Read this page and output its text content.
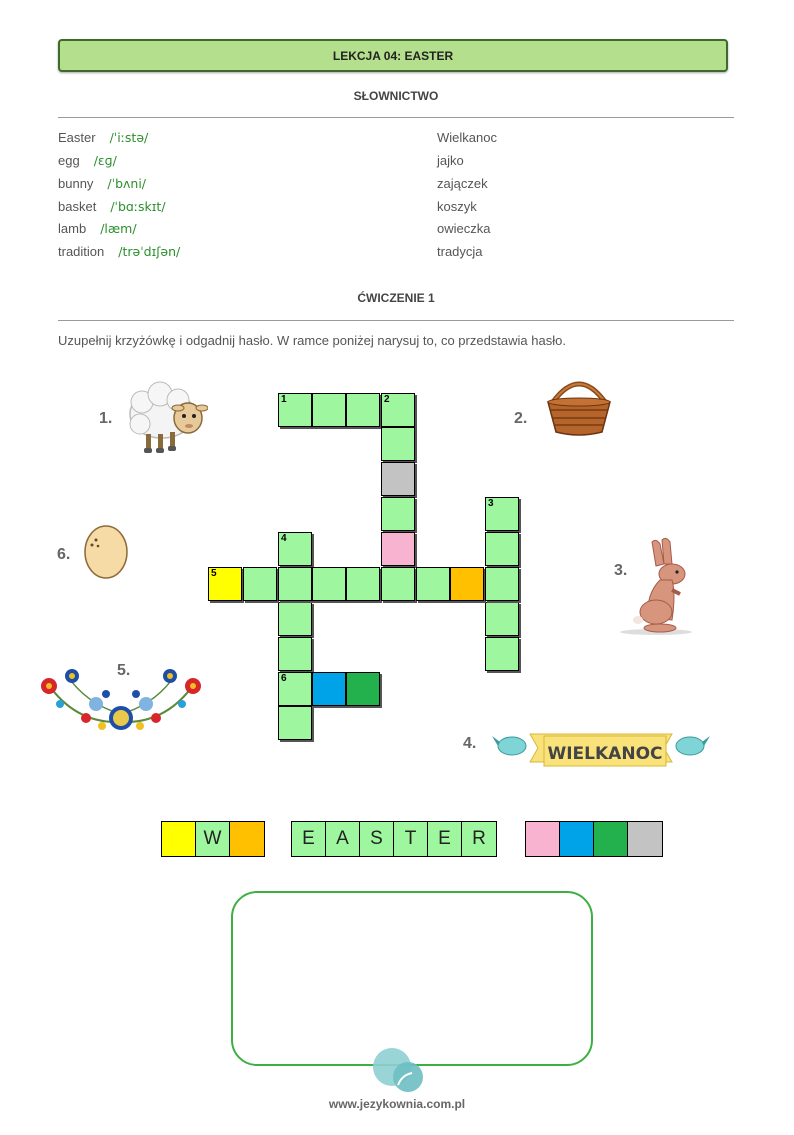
LEKCJA 04: EASTER
SŁOWNICTWO
Easter /ˈiːstə/	Wielkanoc
egg /ɛɡ/	jajko
bunny /ˈbʌni/	zajączek
basket /ˈbɑːskɪt/	koszyk
lamb /læm/	owieczka
tradition /trəˈdɪʃən/	tradycja
ĆWICZENIE 1
Uzupełnij krzyżówkę i odgadnij hasło. W ramce poniżej narysuj to, co przedstawia hasło.
1.	2.
3.
4.
5.
6.
WIELKANOC
1	2
3
4
5
6
W	E	A	S	T	E	R
www.jezykownia.com.pl
